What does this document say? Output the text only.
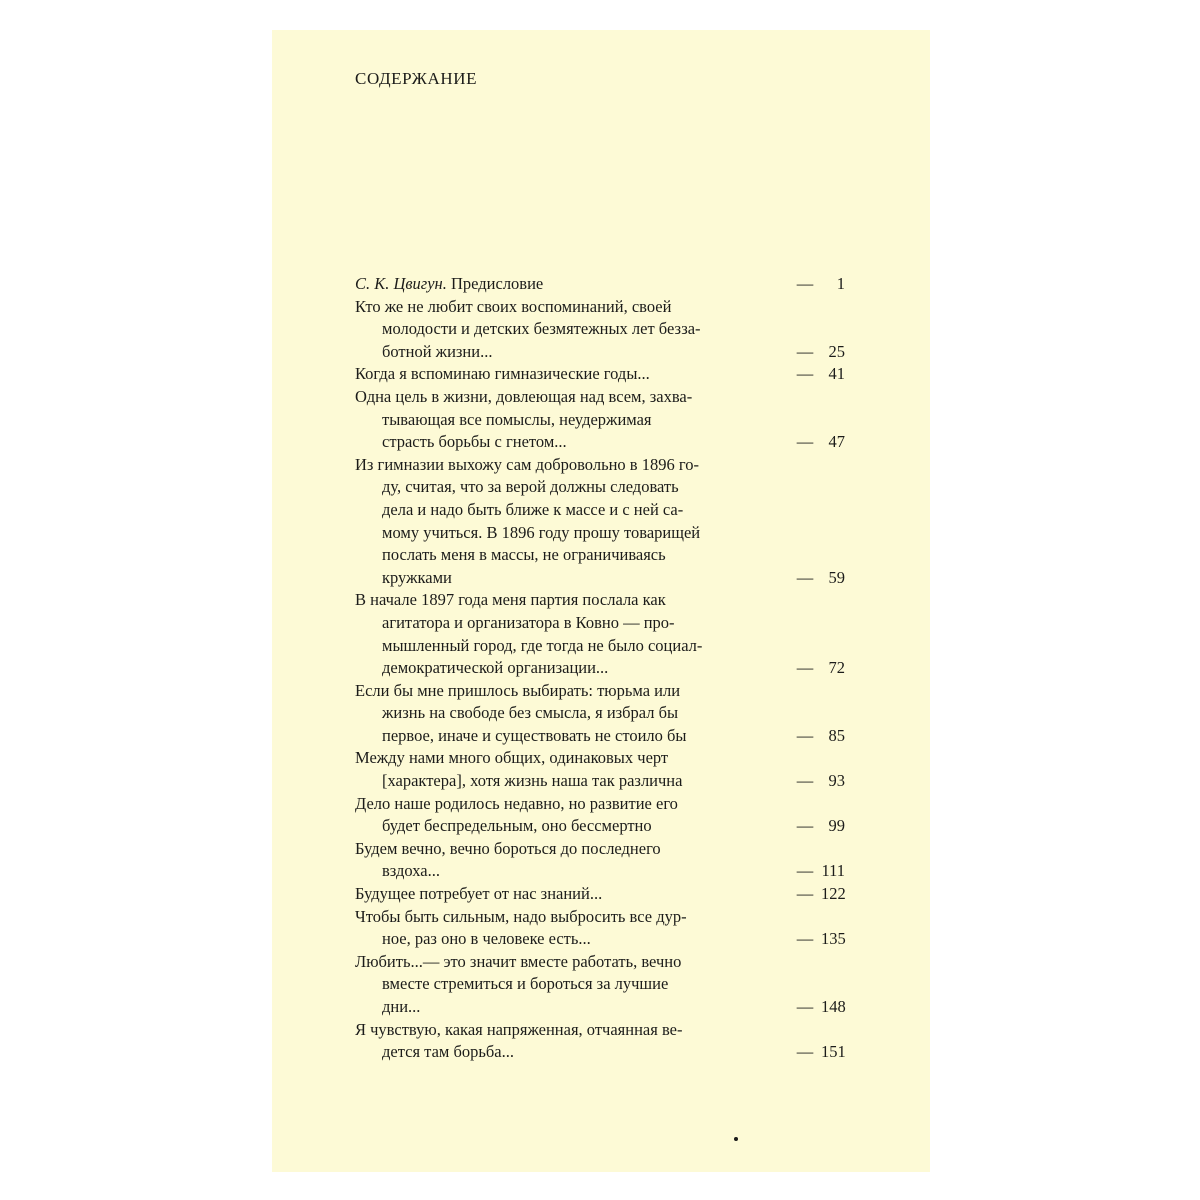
СОДЕРЖАНИЕ
С. К. Цвигун. Предисловие	—	1
Кто же не любит своих воспоминаний, своей
молодости и детских безмятежных лет безза-
ботной жизни...	— 25
Когда я вспоминаю гимназические годы...	— 41
Одна цель в жизни, довлеющая над всем, захва-
тывающая все помыслы, неудержимая
страсть борьбы с гнетом...	— 47
Из гимназии выхожу сам добровольно в 1896 го-
ду, считая, что за верой должны следовать
дела и надо быть ближе к массе и с ней са-
мому учиться. В 1896 году прошу товарищей
послать меня в массы, не ограничиваясь
кружками	— 59
В начале 1897 года меня партия послала как
агитатора и организатора в Ковно — про-
мышленный город, где тогда не было социал-
демократической организации...	— 72
Если бы мне пришлось выбирать: тюрьма или
жизнь на свободе без смысла, я избрал бы
первое, иначе и существовать не стоило бы	— 85
Между нами много общих, одинаковых черт
[характера], хотя жизнь наша так различна	— 93
Дело наше родилось недавно, но развитие его
будет беспредельным, оно бессмертно	— 99
Будем вечно, вечно бороться до последнего
вздоха...	— 111
Будущее потребует от нас знаний...	— 122
Чтобы быть сильным, надо выбросить все дур-
ное, раз оно в человеке есть...	— 135
Любить...— это значит вместе работать, вечно
вместе стремиться и бороться за лучшие
дни...	— 148
Я чувствую, какая напряженная, отчаянная ве-
дется там борьба...	— 151
